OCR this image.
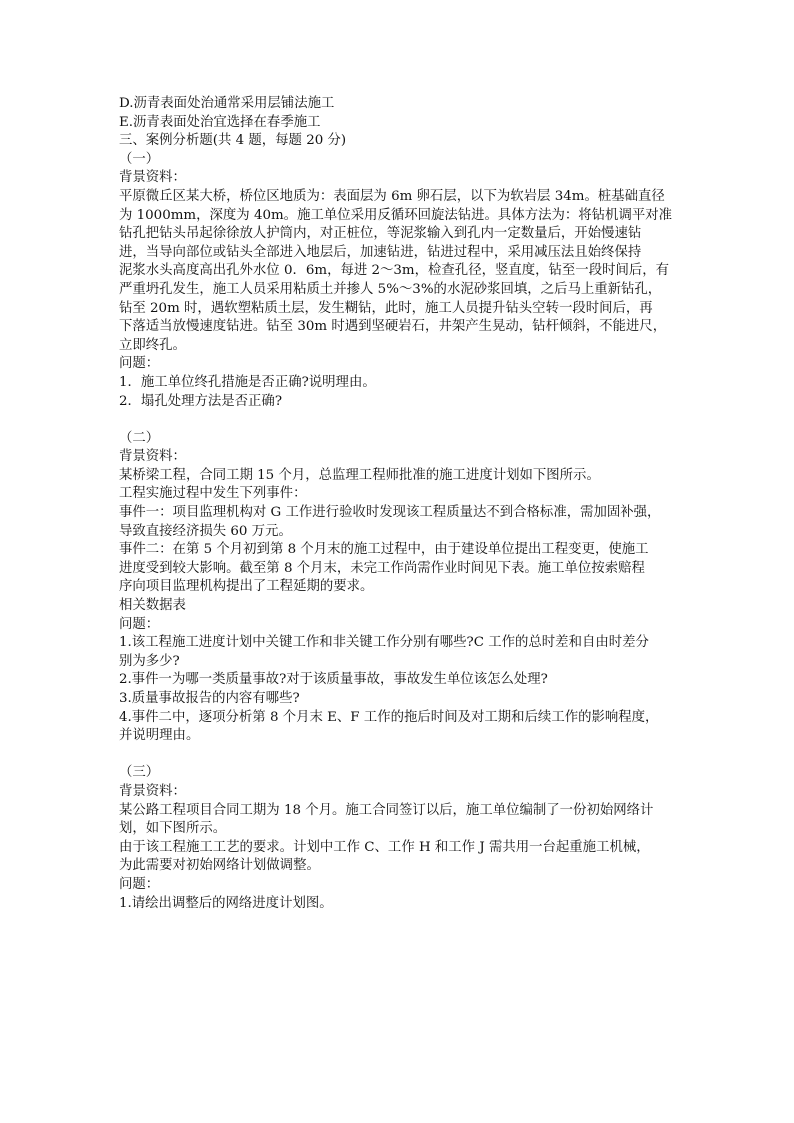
D.沥青表面处治通常采用层铺法施工

E.沥青表面处治宜选择在春季施工

三、案例分析题(共 4 题，每题 20 分)

（一）

背景资料：

平原微丘区某大桥，桥位区地质为：表面层为 6m 卵石层，以下为软岩层 34m。桩基础直径

为 1000mm，深度为 40m。施工单位采用反循环回旋法钻进。具体方法为：将钻机调平对准

钻孔把钻头吊起徐徐放人护筒内，对正桩位，等泥浆输入到孔内一定数量后，开始慢速钻

进，当导向部位或钻头全部进入地层后，加速钻进，钻进过程中，采用减压法且始终保持

泥浆水头高度高出孔外水位 0．6m，每进 2～3m，检查孔径，竖直度，钻至一段时间后，有

严重坍孔发生，施工人员采用粘质土并掺人 5%～3%的水泥砂浆回填，之后马上重新钻孔，

钻至 20m 时，遇软塑粘质土层，发生糊钻，此时，施工人员提升钻头空转一段时间后，再

下落适当放慢速度钻进。钻至 30m 时遇到坚硬岩石，井架产生晃动，钻杆倾斜，不能进尺，

立即终孔。

问题：

1．施工单位终孔措施是否正确?说明理由。

2．塌孔处理方法是否正确?

（二）

背景资料：

某桥梁工程，合同工期 15 个月，总监理工程师批准的施工进度计划如下图所示。

工程实施过程中发生下列事件：

事件一：项目监理机构对 G 工作进行验收时发现该工程质量达不到合格标准，需加固补强，

导致直接经济损失 60 万元。

事件二：在第 5 个月初到第 8 个月末的施工过程中，由于建设单位提出工程变更，使施工

进度受到较大影响。截至第 8 个月末，未完工作尚需作业时间见下表。施工单位按索赔程

序向项目监理机构提出了工程延期的要求。

相关数据表

问题：

1.该工程施工进度计划中关键工作和非关键工作分别有哪些?C 工作的总时差和自由时差分

别为多少?

2.事件一为哪一类质量事故?对于该质量事故，事故发生单位该怎么处理?

3.质量事故报告的内容有哪些?

4.事件二中，逐项分析第 8 个月末 E、F 工作的拖后时间及对工期和后续工作的影响程度，

并说明理由。

（三）

背景资料：

某公路工程项目合同工期为 18 个月。施工合同签订以后，施工单位编制了一份初始网络计

划，如下图所示。

由于该工程施工工艺的要求。计划中工作 C、工作 H 和工作 J 需共用一台起重施工机械，

为此需要对初始网络计划做调整。

问题：

1.请绘出调整后的网络进度计划图。
